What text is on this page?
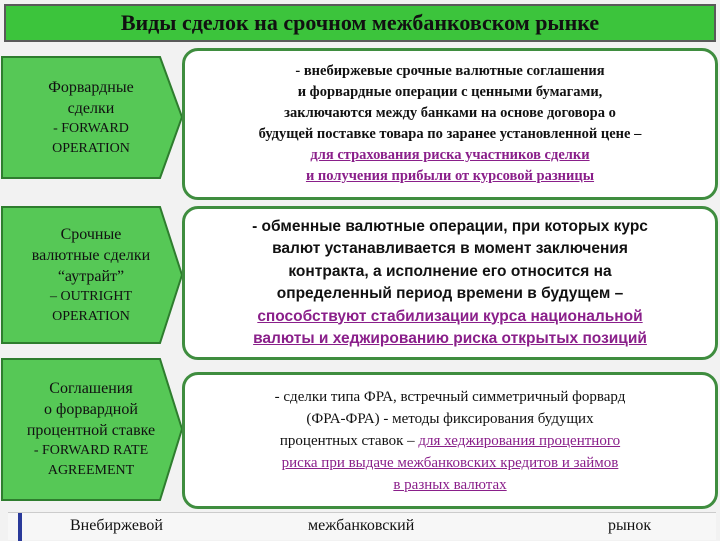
Виды сделок на срочном межбанковском рынке
Форвардные
сделки
- FORWARD
OPERATION
- внебиржевые срочные валютные соглашения
и форвардные операции с ценными бумагами,
заключаются между банками на основе договора о
будущей поставке товара по заранее установленной цене –
для страхования риска участников сделки
и получения прибыли от курсовой разницы
Срочные
валютные сделки
“аутрайт”
– OUTRIGHT
OPERATION
- обменные валютные операции, при которых курс
валют устанавливается в момент заключения
контракта, а исполнение его относится на
определенный период времени в будущем –
способствуют стабилизации курса национальной
валюты и хеджированию риска открытых позиций
Соглашения
о форвардной
процентной ставке
- FORWARD RATE
AGREEMENT
- сделки типа ФРА, встречный симметричный форвард
(ФРА-ФРА) - методы фиксирования будущих
процентных ставок – для хеджирования процентного
риска при выдаче межбанковских кредитов и займов
в разных валютах
Внебиржевой	межбанковский	рынок
